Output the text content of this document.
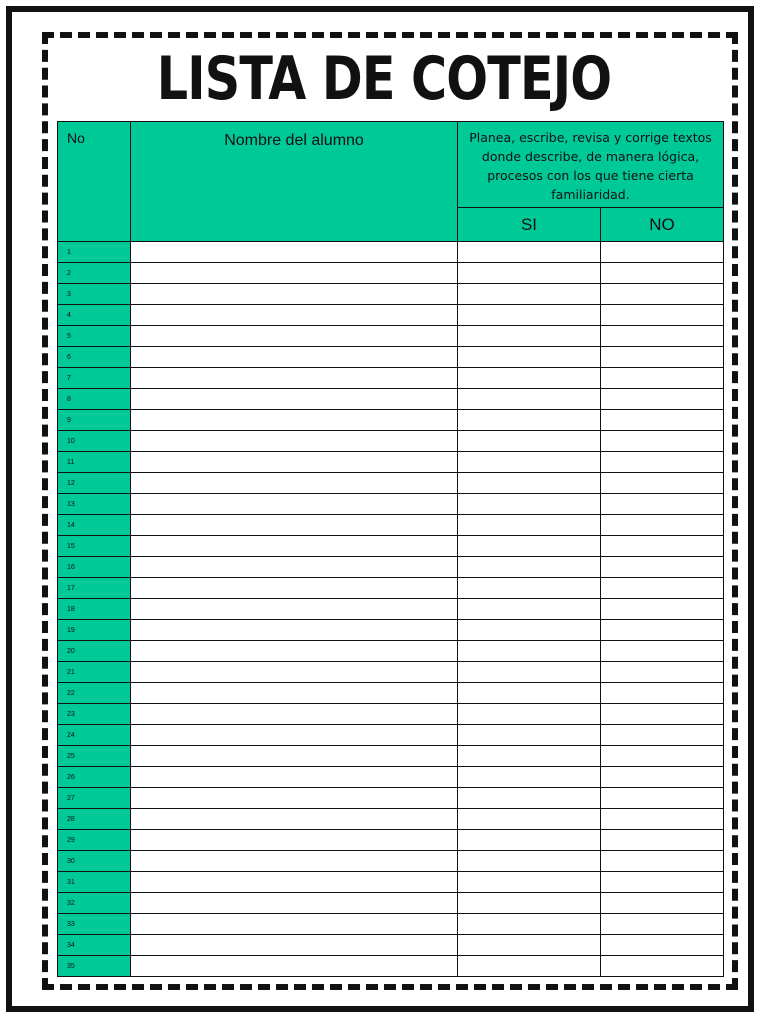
LISTA DE COTEJO
No	Nombre del alumno	Planea, escribe, revisa y corrige textos donde describe, de manera lógica, procesos con los que tiene cierta familiaridad.	
		SI	NO
1			
2			
3			
4			
5			
6			
7			
8			
9			
10			
11			
12			
13			
14			
15			
16			
17			
18			
19			
20			
21			
22			
23			
24			
25			
26			
27			
28			
29			
30			
31			
32			
33			
34			
35			
